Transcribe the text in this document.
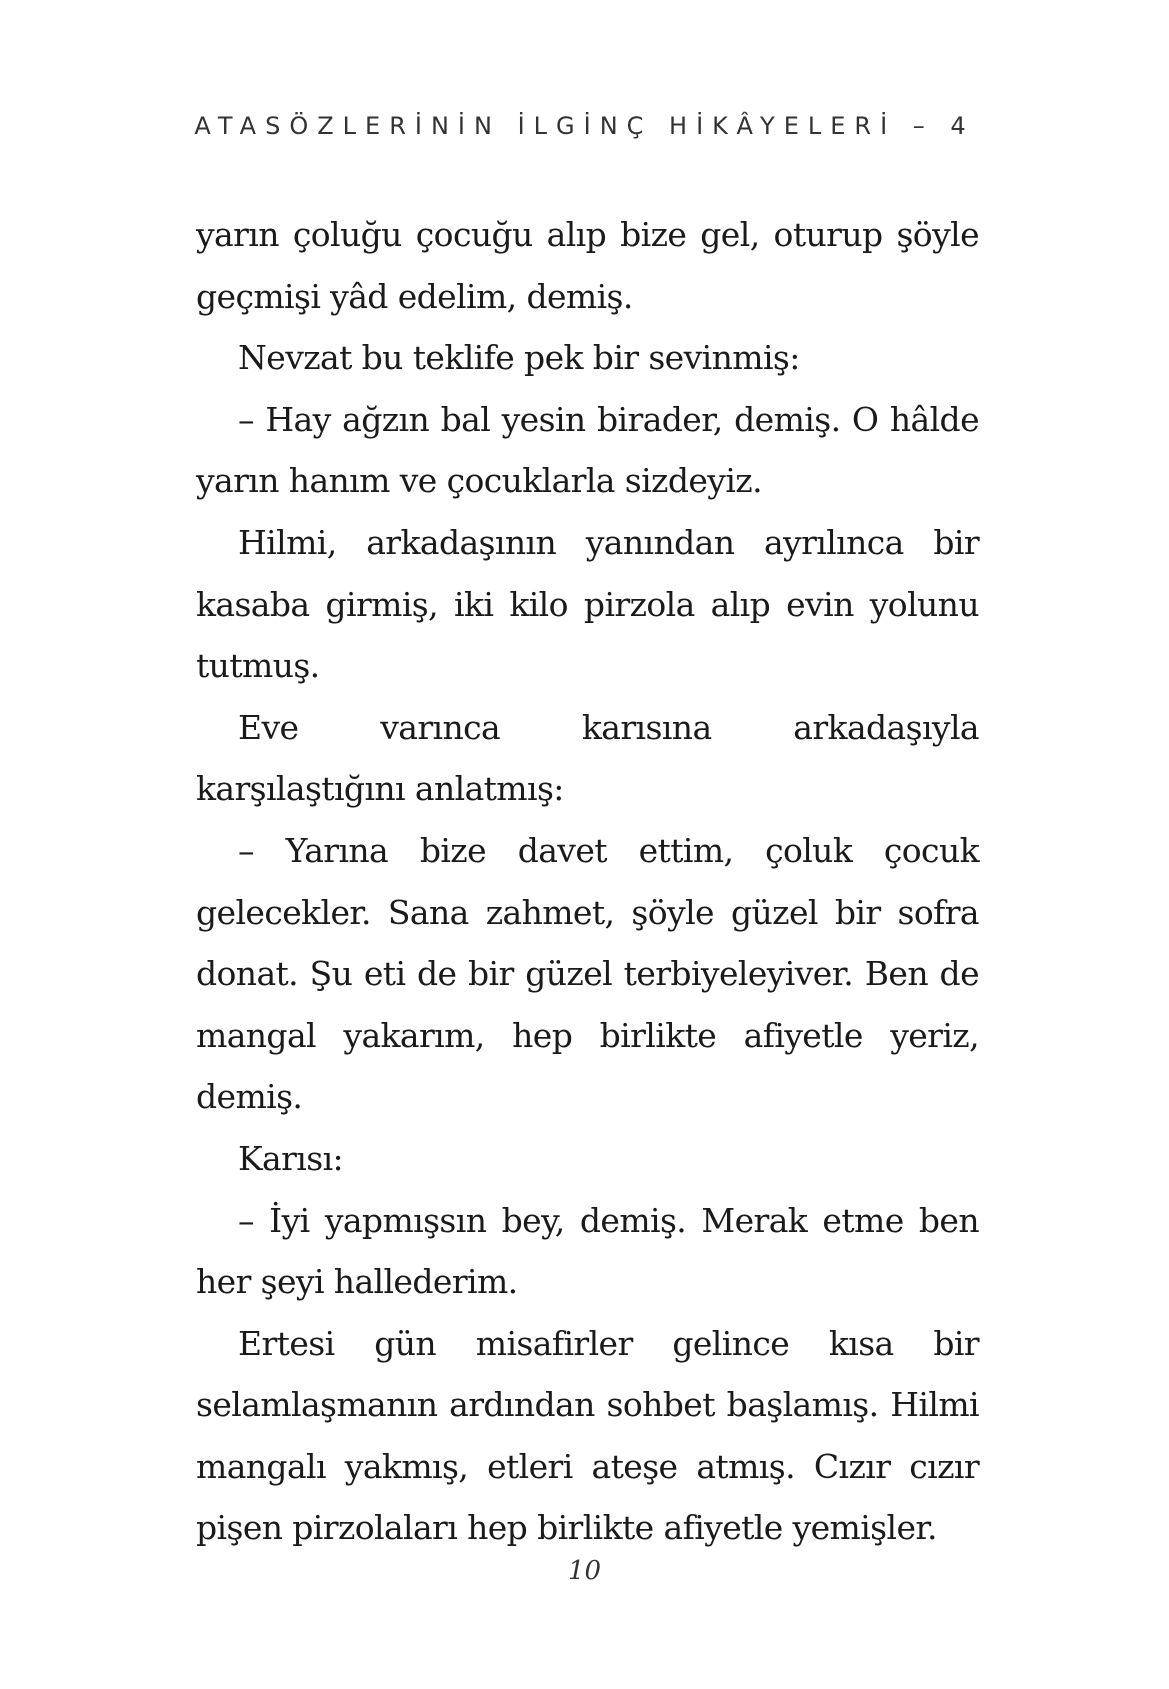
ATASÖZLERİNİN İLGİNÇ HİKÂYELERİ – 4

yarın çoluğu çocuğu alıp bize gel, oturup şöyle geçmişi yâd edelim, demiş.

Nevzat bu teklife pek bir sevinmiş:

– Hay ağzın bal yesin birader, demiş. O hâlde yarın hanım ve çocuklarla sizdeyiz.

Hilmi, arkadaşının yanından ayrılınca bir kasaba girmiş, iki kilo pirzola alıp evin yolunu tutmuş.

Eve varınca karısına arkadaşıyla karşılaştığını anlatmış:

– Yarına bize davet ettim, çoluk çocuk gelecekler. Sana zahmet, şöyle güzel bir sofra donat. Şu eti de bir güzel terbiyeleyiver. Ben de mangal yakarım, hep birlikte afiyetle yeriz, demiş.

Karısı:

– İyi yapmışsın bey, demiş. Merak etme ben her şeyi hallederim.

Ertesi gün misafirler gelince kısa bir selamlaşmanın ardından sohbet başlamış. Hilmi mangalı yakmış, etleri ateşe atmış. Cızır cızır pişen pirzolaları hep birlikte afiyetle yemişler.

10
